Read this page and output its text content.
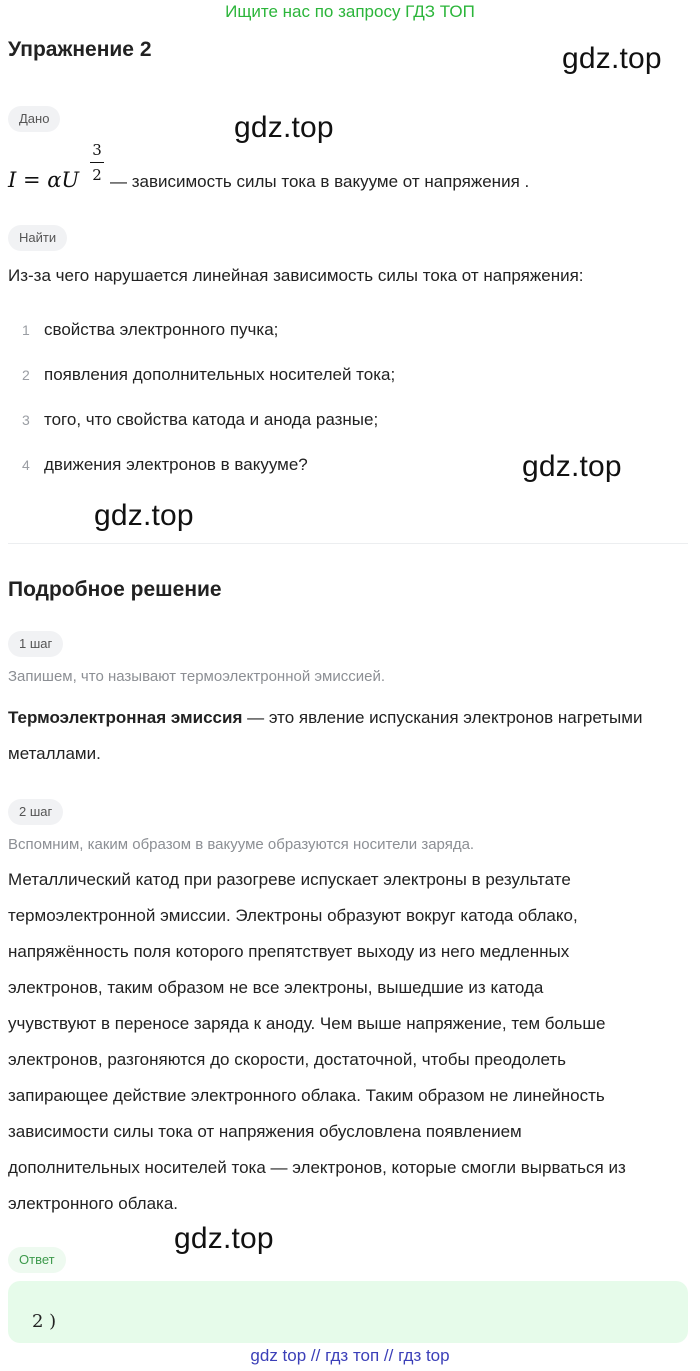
Ищите нас по запросу ГДЗ ТОП
Упражнение 2	gdz.top
gdz.top
gdz.top
gdz.top
gdz.top
Дано
I = αU
3
2 — зависимость силы тока в вакууме от напряжения .
Найти
Из-за чего нарушается линейная зависимость силы тока от напряжения:
1 свойства электронного пучка;
2 появления дополнительных носителей тока;
3 того, что свойства катода и анода разные;
4 движения электронов в вакууме?
Подробное решение
1 шаг
Запишем, что называют термоэлектронной эмиссией.
Термоэлектронная эмиссия — это явление испускания электронов нагретыми металлами.
2 шаг
Вспомним, каким образом в вакууме образуются носители заряда.
Металлический катод при разогреве испускает электроны в результате
термоэлектронной эмиссии. Электроны образуют вокруг катода облако,
напряжённость поля которого препятствует выходу из него медленных
электронов, таким образом не все электроны, вышедшие из катода
учувствуют в переносе заряда к аноду. Чем выше напряжение, тем больше
электронов, разгоняются до скорости, достаточной, чтобы преодолеть
запирающее действие электронного облака. Таким образом не линейность
зависимости силы тока от напряжения обусловлена появлением
дополнительных носителей тока — электронов, которые смогли вырваться из
электронного облака.
Ответ
2 )
gdz top // гдз топ // гдз top
